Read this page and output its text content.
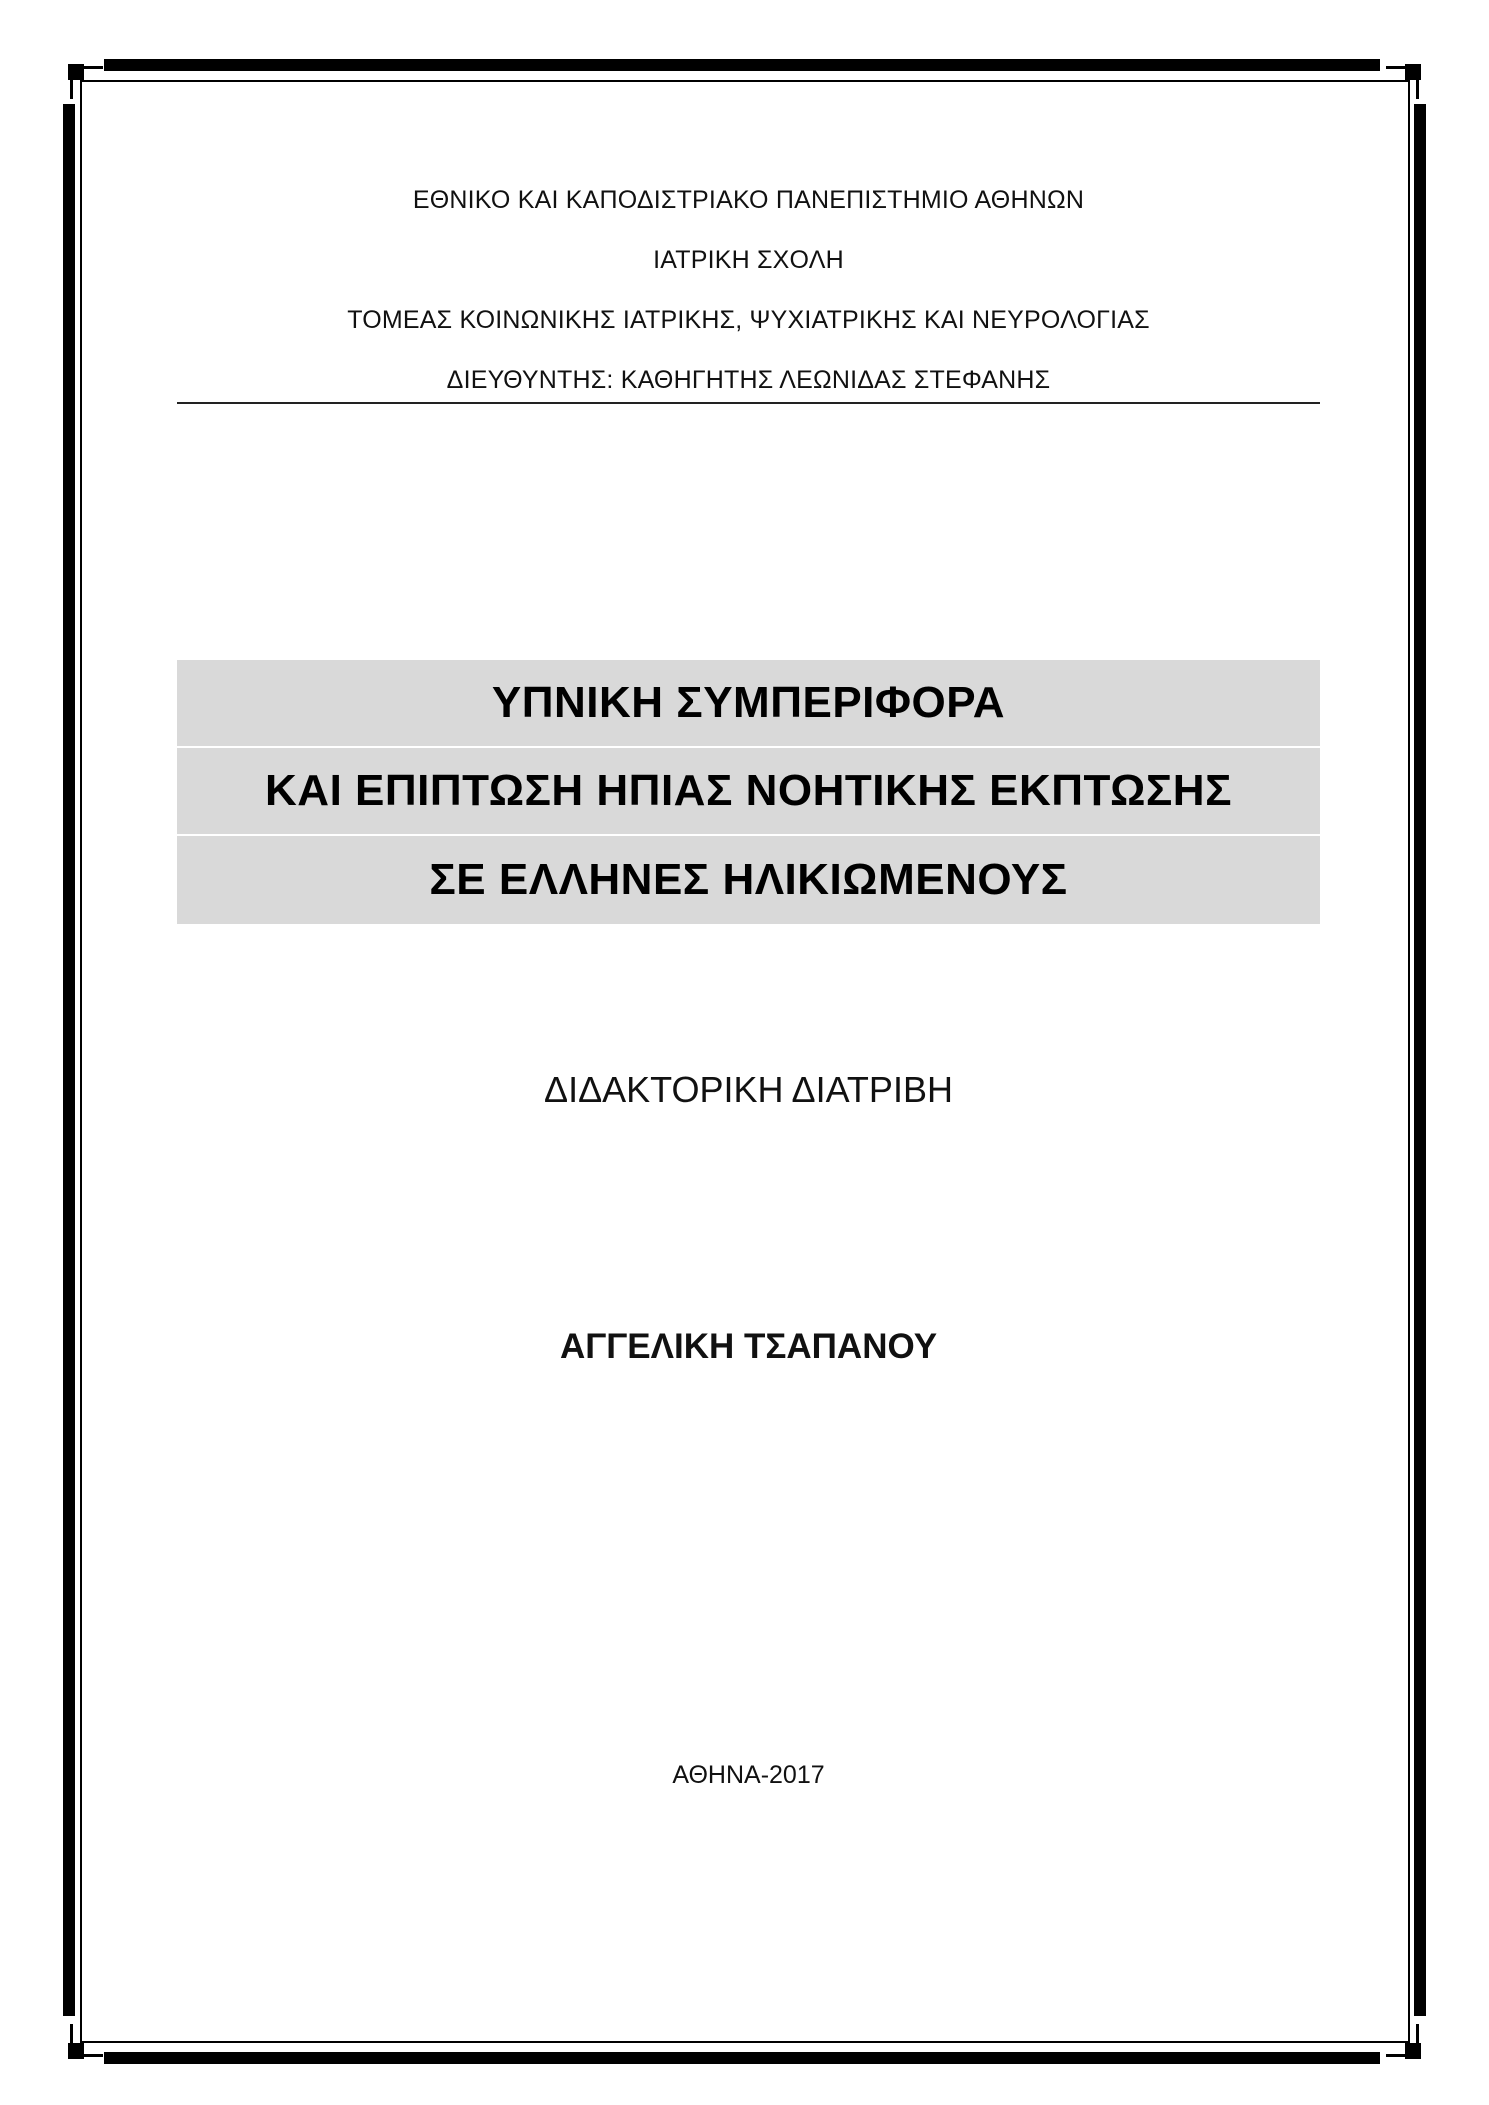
ΕΘΝΙΚΟ ΚΑΙ ΚΑΠΟΔΙΣΤΡΙΑΚΟ ΠΑΝΕΠΙΣΤΗΜΙΟ ΑΘΗΝΩΝ
ΙΑΤΡΙΚΗ ΣΧΟΛΗ
ΤΟΜΕΑΣ ΚΟΙΝΩΝΙΚΗΣ ΙΑΤΡΙΚΗΣ, ΨΥΧΙΑΤΡΙΚΗΣ ΚΑΙ ΝΕΥΡΟΛΟΓΙΑΣ
ΔΙΕΥΘΥΝΤΗΣ: ΚΑΘΗΓΗΤΗΣ ΛΕΩΝΙΔΑΣ ΣΤΕΦΑΝΗΣ
ΥΠΝΙΚΗ ΣΥΜΠΕΡΙΦΟΡΑ
ΚΑΙ ΕΠΙΠΤΩΣΗ ΗΠΙΑΣ ΝΟΗΤΙΚΗΣ ΕΚΠΤΩΣΗΣ
ΣΕ ΕΛΛΗΝΕΣ ΗΛΙΚΙΩΜΕΝΟΥΣ
ΔΙΔΑΚΤΟΡΙΚΗ ΔΙΑΤΡΙΒΗ
ΑΓΓΕΛΙΚΗ ΤΣΑΠΑΝΟΥ
ΑΘΗΝΑ-2017
